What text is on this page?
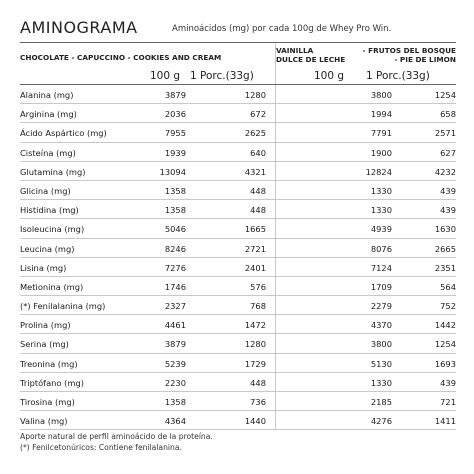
AMINOGRAMA	Aminoácidos (mg) por cada 100g de Whey Pro Win.
CHOCOLATE - CAPUCCINO - COOKIES AND CREAM
VAINILLA	- FRUTOS DEL BOSQUE
DULCE DE LECHE	- PIE DE LIMON
100 g 1 Porc.(33g)	100 g 1 Porc.(33g)
Alanina (mg)	3879	1280	3800	1254
Arginina (mg)	2036	672	1994	658
Ácido Aspártico (mg)	7955	2625	7791	2571
Cisteína (mg)	1939	640	1900	627
Glutamina (mg)	13094	4321	12824	4232
Glicina (mg)	1358	448	1330	439
Histidina (mg)	1358	448	1330	439
Isoleucina (mg)	5046	1665	4939	1630
Leucina (mg)	8246	2721	8076	2665
Lisina (mg)	7276	2401	7124	2351
Metionina (mg)	1746	576	1709	564
(*) Fenilalanina (mg)	2327	768	2279	752
Prolina (mg)	4461	1472	4370	1442
Serina (mg)	3879	1280	3800	1254
Treonina (mg)	5239	1729	5130	1693
Triptófano (mg)	2230	448	1330	439
Tirosina (mg)	1358	736	2185	721
Valina (mg)	4364	1440	4276	1411
Aporte natural de perfil aminoácido de la proteína.
(*) Fenilcetonúricos: Contiene fenilalanina.
